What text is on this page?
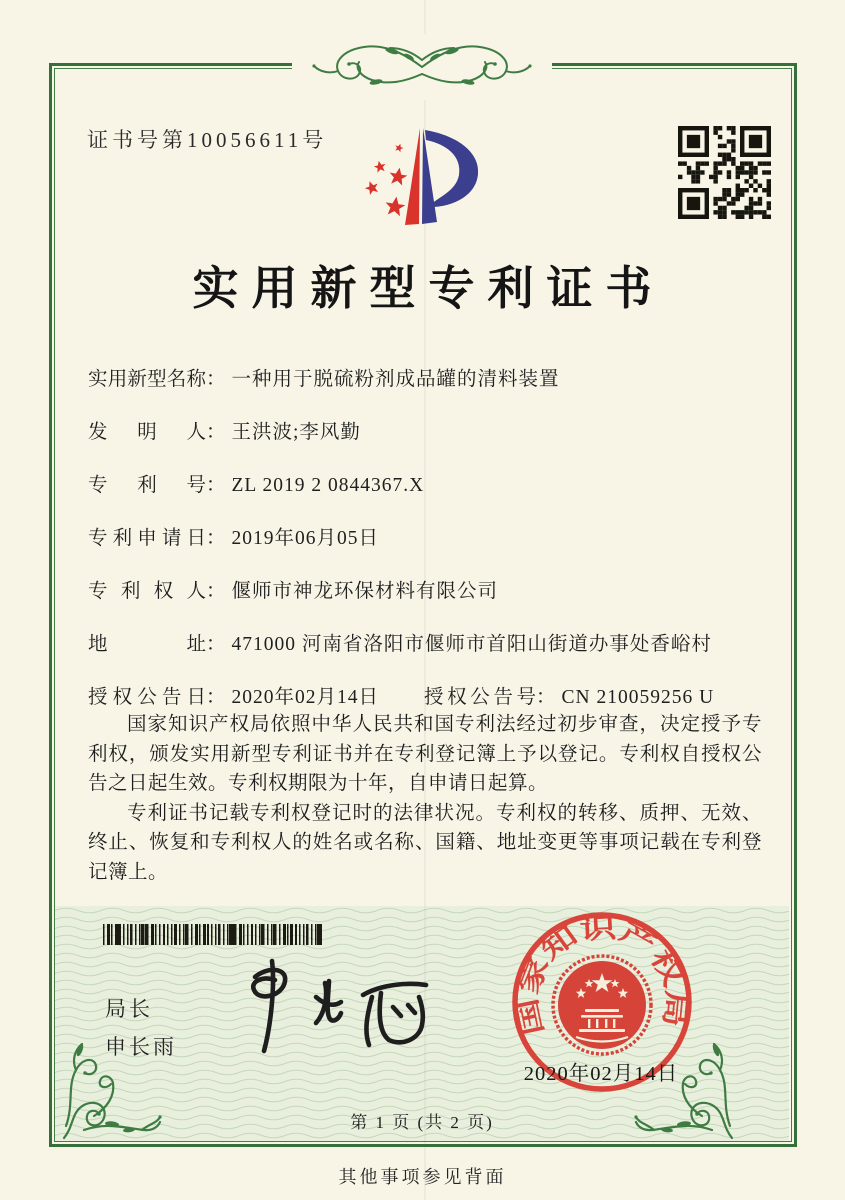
证书号第10056611号
实用新型专利证书
实用新型名称： 一种用于脱硫粉剂成品罐的清料装置
发明人： 王洪波;李风勤
专利号： ZL 2019 2 0844367.X
专利申请日： 2019年06月05日
专利权人： 偃师市神龙环保材料有限公司
地址： 471000 河南省洛阳市偃师市首阳山街道办事处香峪村
授权公告日： 2020年02月14日 授权公告号： CN 210059256 U

国家知识产权局依照中华人民共和国专利法经过初步审查，决定授予专利权，颁发实用新型专利证书并在专利登记簿上予以登记。专利权自授权公告之日起生效。专利权期限为十年，自申请日起算。

专利证书记载专利权登记时的法律状况。专利权的转移、质押、无效、终止、恢复和专利权人的姓名或名称、国籍、地址变更等事项记载在专利登记簿上。

局长
申长雨
国家知识产权局
2020年02月14日
第 1 页 (共 2 页)
其他事项参见背面
